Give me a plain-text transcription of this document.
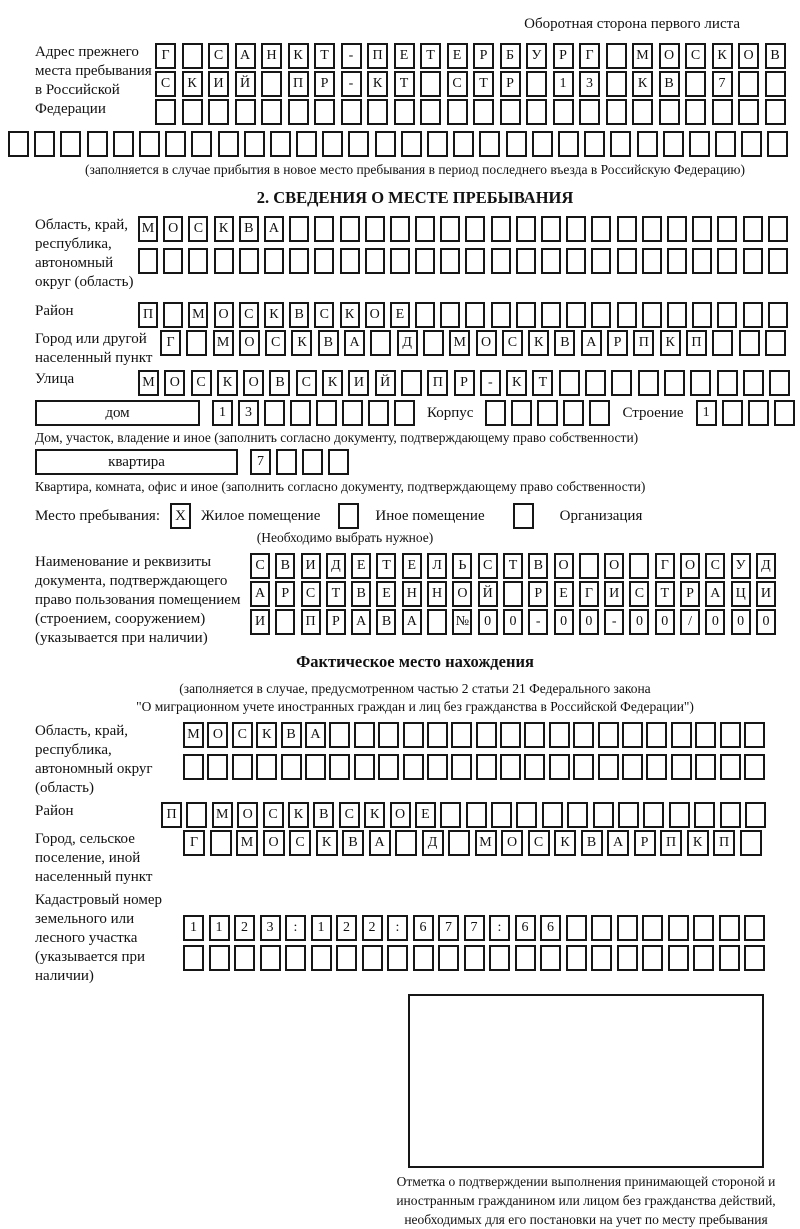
Оборотная сторона первого листа
Адрес прежнего места пребывания в Российской Федерации
Г	С	А	Н	К	Т	-	П	Е	Т	Е	Р	Б	У	Р	Г	М	О	С	К	О	В
С	К	И	Й	П	Р	-	К	Т	С	Т	Р	1	3	К	В	7
(заполняется в случае прибытия в новое место пребывания в период последнего въезда в Российскую Федерацию)
2. СВЕДЕНИЯ О МЕСТЕ ПРЕБЫВАНИЯ
Область, край, республика, автономный округ (область)
М О	С	К	В	А
Район	П	М О	С	К	В	С	К	О	Е
Город или другой населенный пункт
Г	М	О	С	К	В	А	Д	М	О	С	К	В	А	Р	П	К	П
Улица	М	О	С	К	О	В	С	К	И	Й	П	Р	-	К	Т
дом	1	3	Корпус	Строение	1
Дом, участок, владение и иное (заполнить согласно документу, подтверждающему право собственности)
квартира	7
Квартира, комната, офис и иное (заполнить согласно документу, подтверждающему право собственности)
Место пребывания:	X	Жилое помещение	Иное помещение	Организация
(Необходимо выбрать нужное)
Наименование и реквизиты документа, подтверждающего право пользования помещением (строением, сооружением) (указывается при наличии)
С	В	И	Д	Е	Т	Е	Л	Ь	С	Т	В	О	О	Г	О	С	У	Д
А	Р	С	Т	В	Е	Н	Н	О	Й	Р	Е	Г	И	С	Т	Р	А	Ц	И
И	П	Р	А	В	А	№	0	0	-	0	0	-	0	0	/	0	0	0
Фактическое место нахождения
(заполняется в случае, предусмотренном частью 2 статьи 21 Федерального закона
"О миграционном учете иностранных граждан и лиц без гражданства в Российской Федерации")
Область, край, республика, автономный округ (область)
М О	С	К	В	А
Район	П	М	О	С	К	В	С	К	О	Е
Город, сельское поселение, иной населенный пункт
Г	М	О	С	К	В	А	Д	М	О	С	К	В	А	Р	П	К	П
Кадастровый номер земельного или лесного участка (указывается при наличии)
1	1	2	3	:	1	2	2	:	6	7	7	:	6	6
Отметка о подтверждении выполнения принимающей стороной и иностранным гражданином или лицом без гражданства действий, необходимых для его постановки на учет по месту пребывания
